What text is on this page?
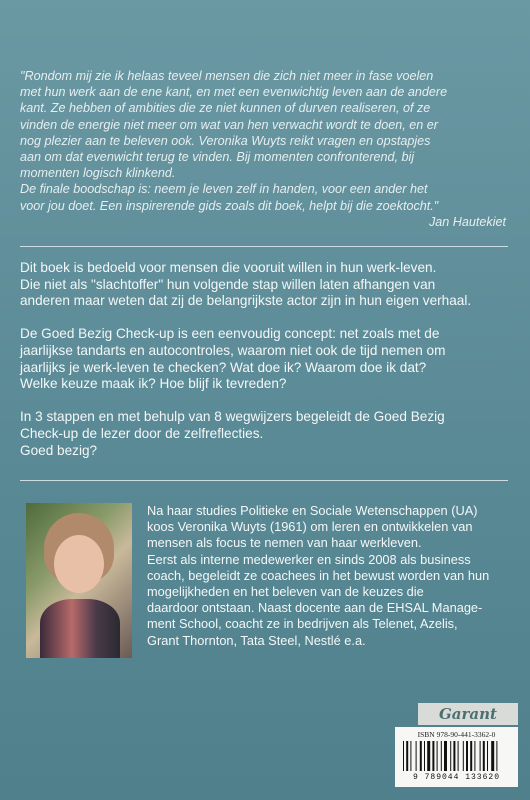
"Rondom mij zie ik helaas teveel mensen die zich niet meer in fase voelen

met hun werk aan de ene kant, en met een evenwichtig leven aan de andere

kant. Ze hebben of ambities die ze niet kunnen of durven realiseren, of ze

vinden de energie niet meer om wat van hen verwacht wordt te doen, en er

nog plezier aan te beleven ook. Veronika Wuyts reikt vragen en opstapjes

aan om dat evenwicht terug te vinden. Bij momenten confronterend, bij

momenten logisch klinkend.

De finale boodschap is: neem je leven zelf in handen, voor een ander het

voor jou doet. Een inspirerende gids zoals dit boek, helpt bij die zoektocht."

Jan Hautekiet

Dit boek is bedoeld voor mensen die vooruit willen in hun werk-leven.
Die niet als "slachtoffer" hun volgende stap willen laten afhangen van
anderen maar weten dat zij de belangrijkste actor zijn in hun eigen verhaal.

De Goed Bezig Check-up is een eenvoudig concept: net zoals met de
jaarlijkse tandarts en autocontroles, waarom niet ook de tijd nemen om
jaarlijks je werk-leven te checken? Wat doe ik? Waarom doe ik dat?
Welke keuze maak ik? Hoe blijf ik tevreden?

In 3 stappen en met behulp van 8 wegwijzers begeleidt de Goed Bezig
Check-up de lezer door de zelfreflecties.
Goed bezig?

Na haar studies Politieke en Sociale Wetenschappen (UA)

koos Veronika Wuyts (1961) om leren en ontwikkelen van

mensen als focus te nemen van haar werkleven.

Eerst als interne medewerker en sinds 2008 als business

coach, begeleidt ze coachees in het bewust worden van hun

mogelijkheden en het beleven van de keuzes die

daardoor ontstaan. Naast docente aan de EHSAL Manage-

ment School, coacht ze in bedrijven als Telenet, Azelis,

Grant Thornton, Tata Steel, Nestlé e.a.

Garant
ISBN 978-90-441-3362-0
9 789044 133620
